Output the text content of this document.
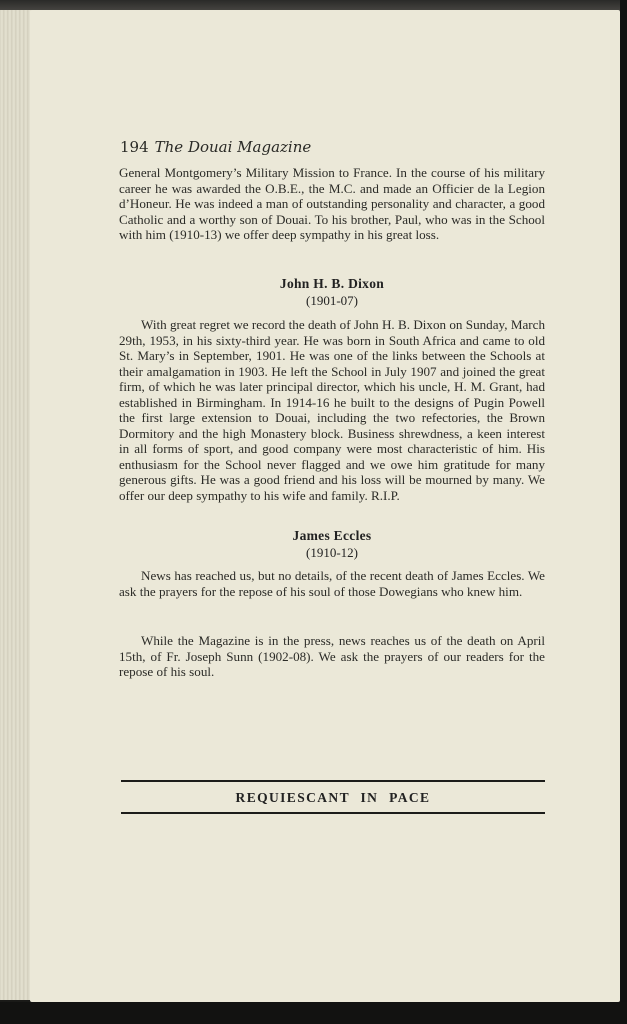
194 The Douai Magazine
General Montgomery’s Military Mission to France. In the course of his military career he was awarded the O.B.E., the M.C. and made an Officier de la Legion d’Honeur. He was indeed a man of outstanding personality and character, a good Catholic and a worthy son of Douai. To his brother, Paul, who was in the School with him (1910-13) we offer deep sympathy in his great loss.
John H. B. Dixon
(1901-07)
With great regret we record the death of John H. B. Dixon on Sunday, March 29th, 1953, in his sixty-third year. He was born in South Africa and came to old St. Mary’s in September, 1901. He was one of the links between the Schools at their amalgamation in 1903. He left the School in July 1907 and joined the great firm, of which he was later principal director, which his uncle, H. M. Grant, had established in Birmingham. In 1914-16 he built to the designs of Pugin Powell the first large extension to Douai, including the two refectories, the Brown Dormitory and the high Monastery block. Business shrewdness, a keen interest in all forms of sport, and good company were most characteristic of him. His enthusiasm for the School never flagged and we owe him gratitude for many generous gifts. He was a good friend and his loss will be mourned by many. We offer our deep sympathy to his wife and family. R.I.P.
James Eccles
(1910-12)
News has reached us, but no details, of the recent death of James Eccles. We ask the prayers for the repose of his soul of those Dowegians who knew him.
While the Magazine is in the press, news reaches us of the death on April 15th, of Fr. Joseph Sunn (1902-08). We ask the prayers of our readers for the repose of his soul.
REQUIESCANT IN PACE
